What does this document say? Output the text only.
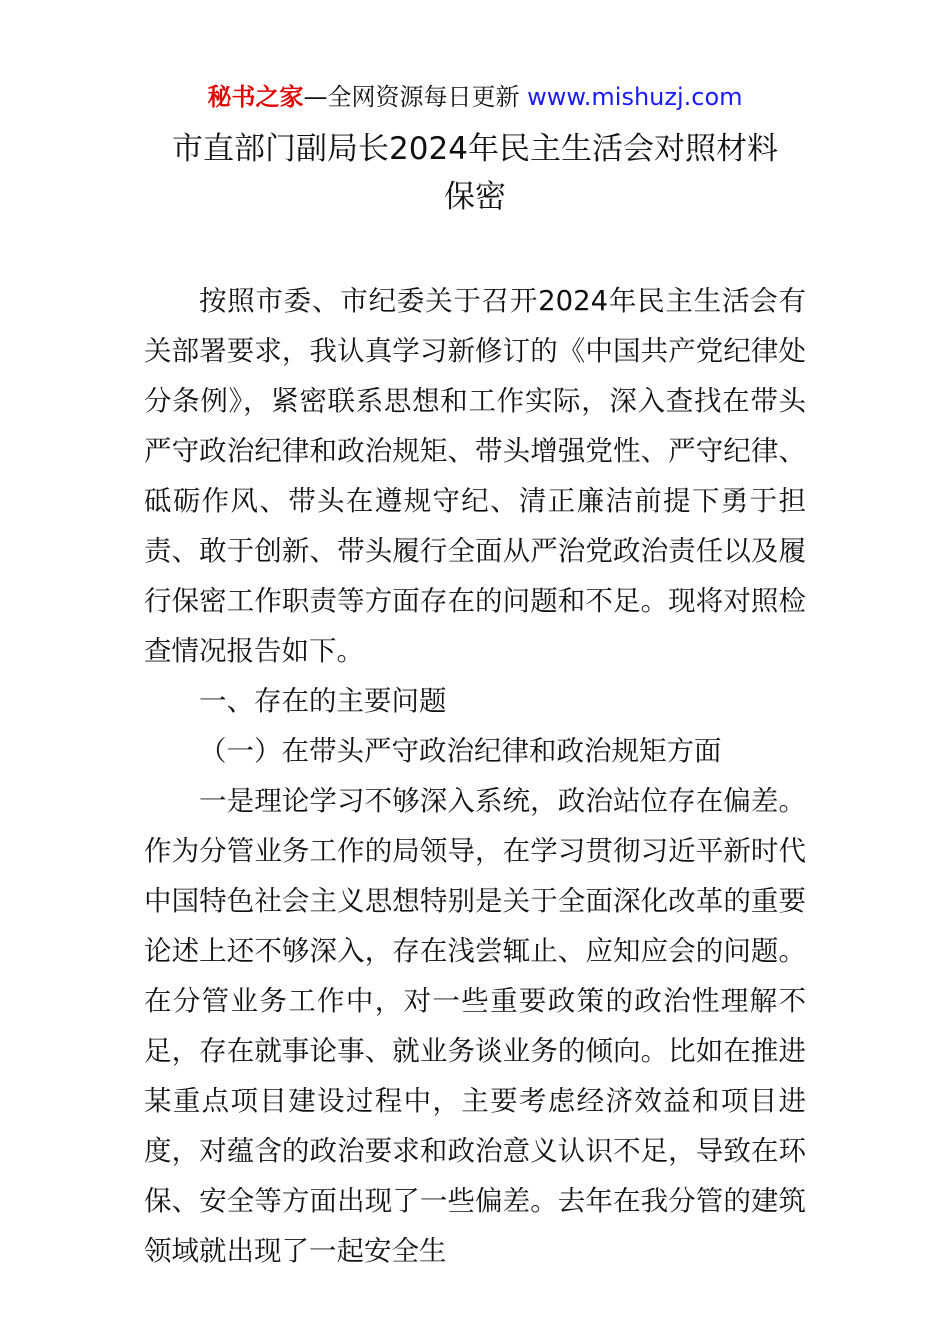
秘书之家—全网资源每日更新 www.mishuzj.com
市直部门副局长2024年民主生活会对照材料
保密

按照市委、市纪委关于召开2024年民主生活会有关部署要求，我认真学习新修订的《中国共产党纪律处分条例》，紧密联系思想和工作实际，深入查找在带头严守政治纪律和政治规矩、带头增强党性、严守纪律、砥砺作风、带头在遵规守纪、清正廉洁前提下勇于担责、敢于创新、带头履行全面从严治党政治责任以及履行保密工作职责等方面存在的问题和不足。现将对照检查情况报告如下。

一、存在的主要问题

（一）在带头严守政治纪律和政治规矩方面

一是理论学习不够深入系统，政治站位存在偏差。作为分管业务工作的局领导，在学习贯彻习近平新时代中国特色社会主义思想特别是关于全面深化改革的重要论述上还不够深入，存在浅尝辄止、应知应会的问题。在分管业务工作中，对一些重要政策的政治性理解不足，存在就事论事、就业务谈业务的倾向。比如在推进某重点项目建设过程中，主要考虑经济效益和项目进度，对蕴含的政治要求和政治意义认识不足，导致在环保、安全等方面出现了一些偏差。去年在我分管的建筑领域就出现了一起安全生
